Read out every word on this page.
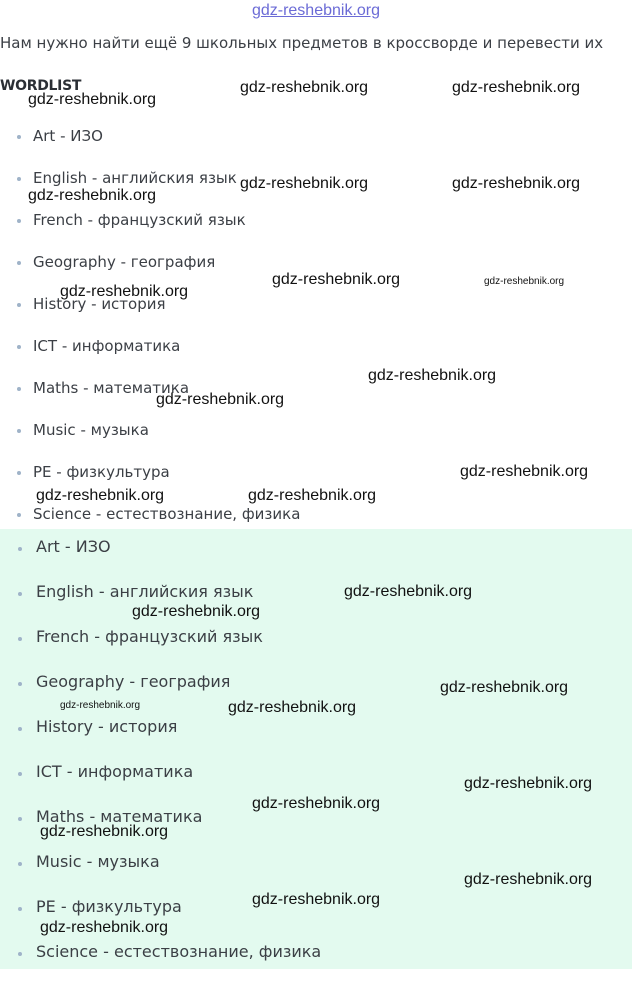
gdz-reshebnik.org
Нам нужно найти ещё 9 школьных предметов в кроссворде и перевести их
WORDLIST
Art - ИЗО
English - английския язык
French - французский язык
Geography - география
History - история
ICT - информатика
Maths - математика
Music - музыка
PE - физкультура
Science - естествознание, физика
Art - ИЗО
English - английския язык
French - французский язык
Geography - география
History - история
ICT - информатика
Maths - математика
Music - музыка
PE - физкультура
Science - естествознание, физика
gdz-reshebnik.org
gdz-reshebnik.org	gdz-reshebnik.org
gdz-reshebnik.org	gdz-reshebnik.org
gdz-reshebnik.org
gdz-reshebnik.org	gdz-reshebnik.org
gdz-reshebnik.org
gdz-reshebnik.org
gdz-reshebnik.org
gdz-reshebnik.org
gdz-reshebnik.org	gdz-reshebnik.org
gdz-reshebnik.org
gdz-reshebnik.org
gdz-reshebnik.org
gdz-reshebnik.org	gdz-reshebnik.org
gdz-reshebnik.org
gdz-reshebnik.org
gdz-reshebnik.org
gdz-reshebnik.org
gdz-reshebnik.org
gdz-reshebnik.org
